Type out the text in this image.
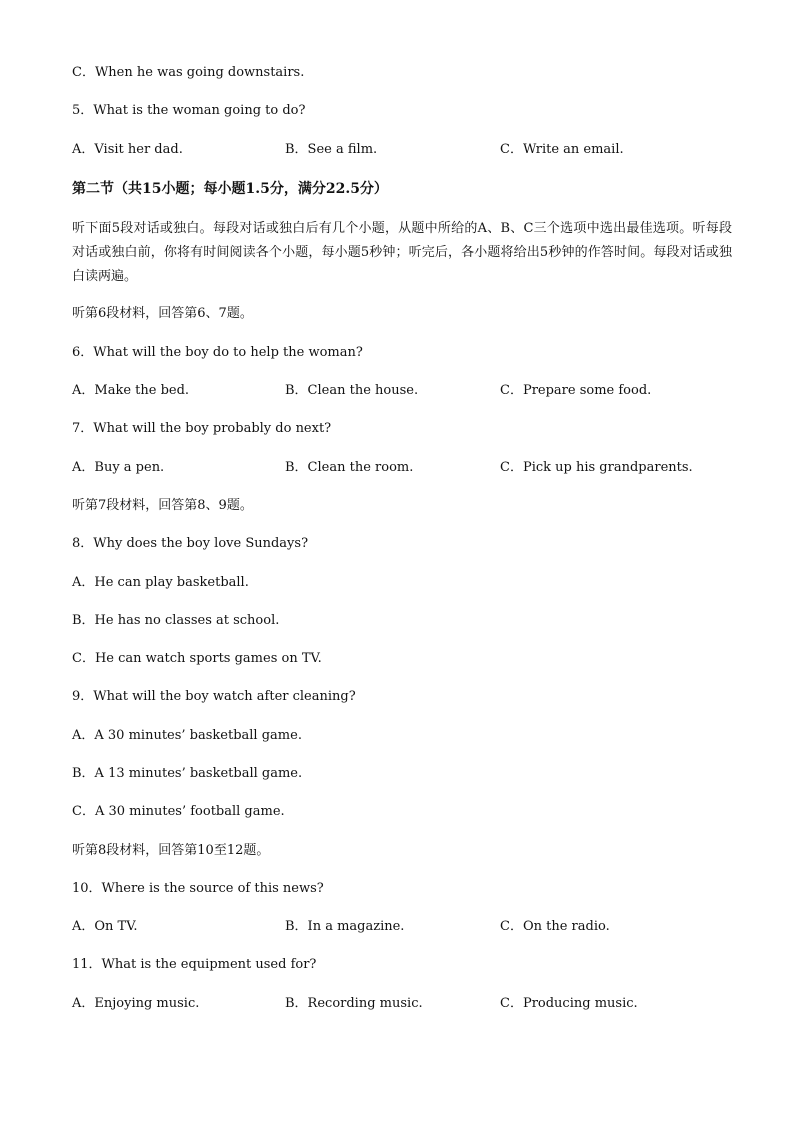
C．When he was going downstairs.
5．What is the woman going to do?
A．Visit her dad.	B．See a film.	C．Write an email.
第二节（共15小题；每小题1.5分，满分22.5分）
听下面5段对话或独白。每段对话或独白后有几个小题，从题中所给的A、B、C三个选项中选出最佳选项。听每段对话或独白前，你将有时间阅读各个小题，每小题5秒钟；听完后，各小题将给出5秒钟的作答时间。每段对话或独白读两遍。
听第6段材料，回答第6、7题。
6．What will the boy do to help the woman?
A．Make the bed.	B．Clean the house.	C．Prepare some food.
7．What will the boy probably do next?
A．Buy a pen.	B．Clean the room.	C．Pick up his grandparents.
听第7段材料，回答第8、9题。
8．Why does the boy love Sundays?
A．He can play basketball.
B．He has no classes at school.
C．He can watch sports games on TV.
9．What will the boy watch after cleaning?
A．A 30 minutes’ basketball game.
B．A 13 minutes’ basketball game.
C．A 30 minutes’ football game.
听第8段材料，回答第10至12题。
10．Where is the source of this news?
A．On TV.	B．In a magazine.	C．On the radio.
11．What is the equipment used for?
A．Enjoying music.	B．Recording music.	C．Producing music.
